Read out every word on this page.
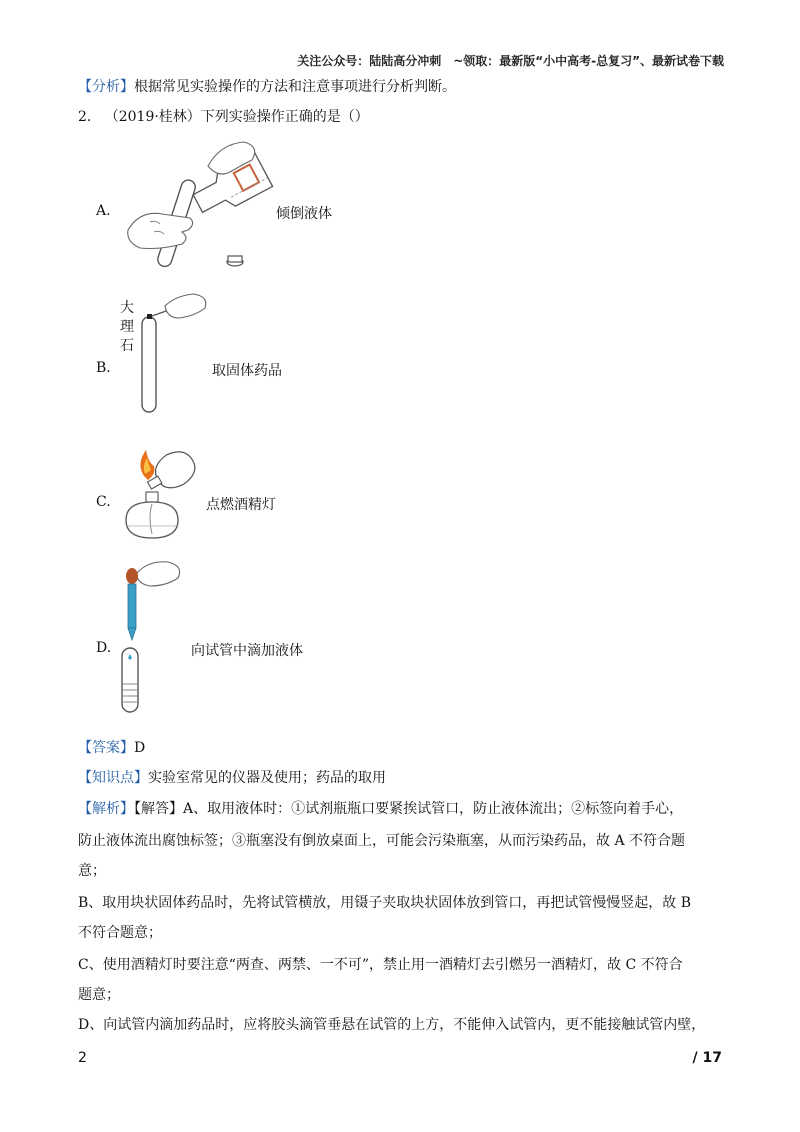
关注公众号：陆陆高分冲刺　~领取：最新版“小中高考-总复习”、最新试卷下载
【分析】根据常见实验操作的方法和注意事项进行分析判断。
2. （2019·桂林）下列实验操作正确的是（）
A.	倾倒液体
大
理
石
B.	取固体药品
C.	点燃酒精灯
D.	向试管中滴加液体
【答案】D
【知识点】实验室常见的仪器及使用；药品的取用
【解析】【解答】A、取用液体时：①试剂瓶瓶口要紧挨试管口，防止液体流出；②标签向着手心，
防止液体流出腐蚀标签；③瓶塞没有倒放桌面上，可能会污染瓶塞，从而污染药品，故 A 不符合题
意；
B、取用块状固体药品时，先将试管横放，用镊子夹取块状固体放到管口，再把试管慢慢竖起，故 B
不符合题意；
C、使用酒精灯时要注意“两查、两禁、一不可”，禁止用一酒精灯去引燃另一酒精灯，故 C 不符合
题意；
D、向试管内滴加药品时，应将胶头滴管垂悬在试管的上方，不能伸入试管内，更不能接触试管内壁，
2	/ 17
